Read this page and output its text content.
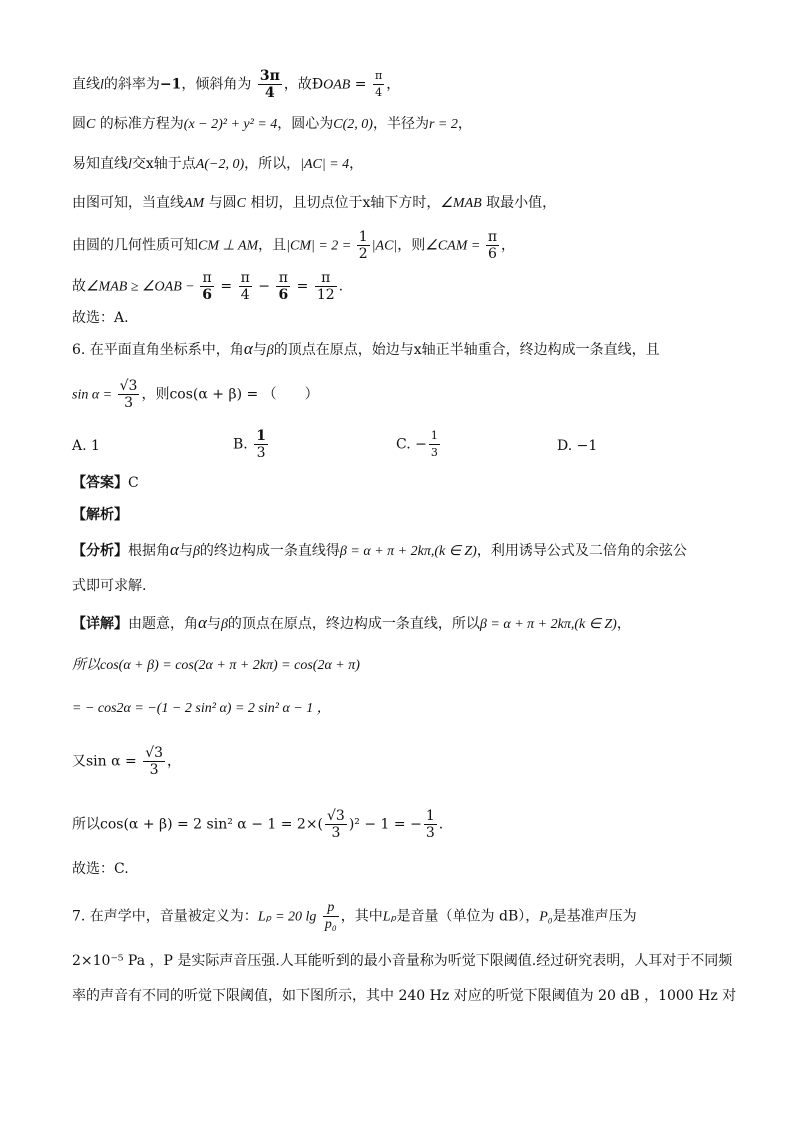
直线l的斜率为−1，倾斜角为 $\frac{3\pi}{4}$ ，故ÐOAB = $\frac{\pi}{4}$ ，
圆C 的标准方程为(x − 2)² + y² = 4，圆心为C(2, 0)，半径为r = 2，
易知直线l交x轴于点A(−2, 0)，所以，|AC| = 4，
由图可知，当直线AM 与圆C 相切，且切点位于x轴下方时，∠MAB 取最小值，
由圆的几何性质可知CM ⊥ AM，且$|CM| = 2 = \frac{1}{2} |AC|$，则∠CAM = $\frac{\pi}{6}$ ，
故∠MAB ≥ ∠OAB − $\frac{\pi}{6} = \frac{\pi}{4} - \frac{\pi}{6} = \frac{\pi}{12}$ .
故选：A.
6. 在平面直角坐标系中，角α与β的顶点在原点，始边与x轴正半轴重合，终边构成一条直线，且
$\sin \alpha = \frac{√3}{3}$ ，则cos(α + β) = （　　）
A. 1	B. $\frac{1}{3}$	C. − $\frac{1}{3}$	D. −1
【答案】C
【解析】
【分析】根据角α与β的终边构成一条直线得β = α + π + 2kπ,(k ∈ Z)，利用诱导公式及二倍角的余弦公
式即可求解.
【详解】由题意，角α与β的顶点在原点，终边构成一条直线，所以β = α + π + 2kπ,(k ∈ Z)，
所以cos(α + β) = cos(2α + π + 2kπ) = cos(2α + π)
= − cos2α = −(1 − 2 sin² α) = 2 sin² α − 1 ，
又$\sin \alpha = \frac{√3}{3}$ ，
所以cos(α + β) = 2 sin² $\alpha - 1 = 2\times( \frac{√3}{3} )^2 - 1$ = − $\frac{1}{3}$ .
故选：C.
7. 在声学中，音量被定义为：Lₚ = 20 $\lg \frac{p}{\text{p₀}}$ ，其中Lₚ是音量（单位为 dB），P₀是基准声压为
2×10⁻⁵ Pa ，P 是实际声音压强.人耳能听到的最小音量称为听觉下限阈值.经过研究表明，人耳对于不同频
率的声音有不同的听觉下限阈值，如下图所示，其中 240 Hz 对应的听觉下限阈值为 20 dB ，1000 Hz 对
